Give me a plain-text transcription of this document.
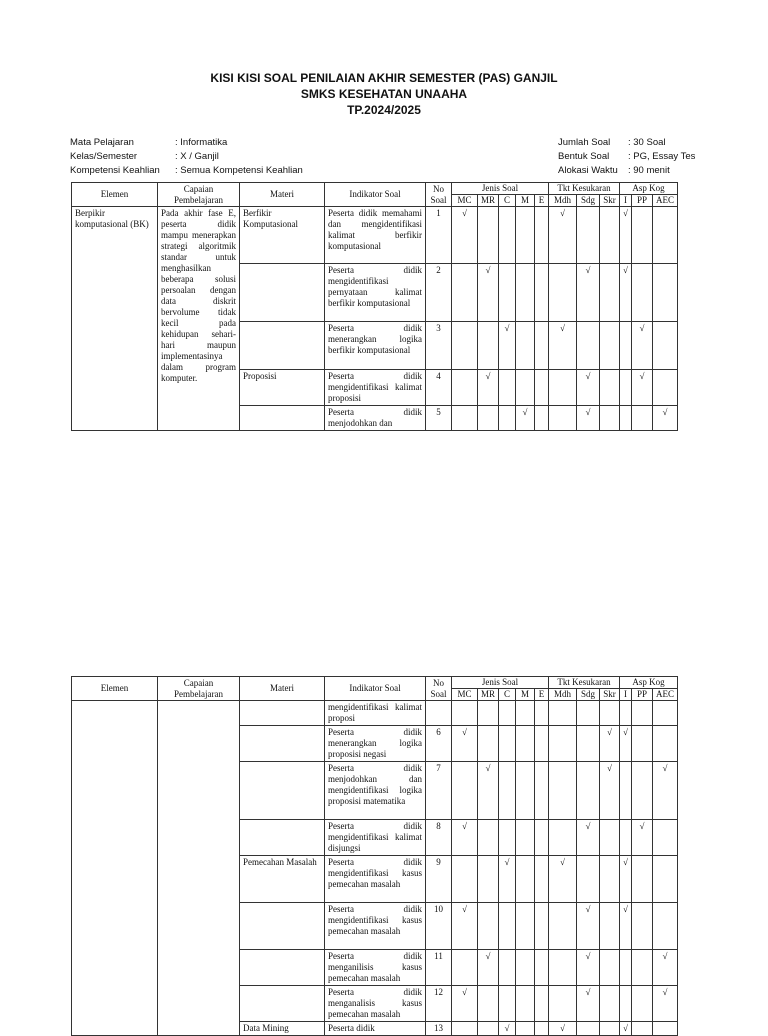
KISI KISI SOAL PENILAIAN AKHIR SEMESTER (PAS) GANJIL
SMKS KESEHATAN UNAAHA
TP.2024/2025
Mata Pelajaran	: Informatika
Kelas/Semester	: X / Ganjil
Kompetensi Keahlian	: Semua Kompetensi Keahlian
Jumlah Soal	: 30 Soal
Bentuk Soal	: PG, Essay Tes
Alokasi Waktu	: 90 menit
Elemen	Capaian Pembelajaran	Materi	Indikator Soal	No Soal	Jenis Soal					Tkt Kesukaran			Asp Kog		
					MC	MR	C	M	E	Mdh	Sdg	Skr	I	PP	AEC
Berpikir komputasional (BK)	Pada akhir fase E, peserta didik mampu menerapkan strategi algoritmik standar untuk menghasilkan beberapa solusi persoalan dengan data diskrit bervolume tidak kecil pada kehidupan sehari-hari maupun implementasinya dalam program komputer.	Berfikir Komputasional	Peserta didik memahami dan mengidentifikasi kalimat berfikir komputasional	1	√					√			√		
			Peserta didik mengidentifikasi pernyataan kalimat berfikir komputasional	2		√					√		√		
			Peserta didik menerangkan logika berfikir komputasional	3			√			√				√	
		Proposisi	Peserta didik mengidentifikasi kalimat proposisi	4		√					√			√	
			Peserta didik menjodohkan dan	5				√			√				√
Elemen	Capaian Pembelajaran	Materi	Indikator Soal	No Soal	Jenis Soal					Tkt Kesukaran			Asp Kog		
					MC	MR	C	M	E	Mdh	Sdg	Skr	I	PP	AEC
			mengidentifikasi kalimat proposi												
			Peserta didik menerangkan logika proposisi negasi	6	√							√	√		
			Peserta didik menjodohkan dan mengidentifikasi logika proposisi matematika	7		√						√			√
			Peserta didik mengidentifikasi kalimat disjungsi	8	√						√			√	
		Pemecahan Masalah	Peserta didik mengidentifikasi kasus pemecahan masalah	9			√			√			√		
			Peserta didik mengidentifikasi kasus pemecahan masalah	10	√						√		√		
			Peserta didik menganilisis kasus pemecahan masalah	11		√					√				√
			Peserta didik menganalisis kasus pemecahan masalah	12	√						√				√
		Data Mining	Peserta didik	13			√			√			√		
